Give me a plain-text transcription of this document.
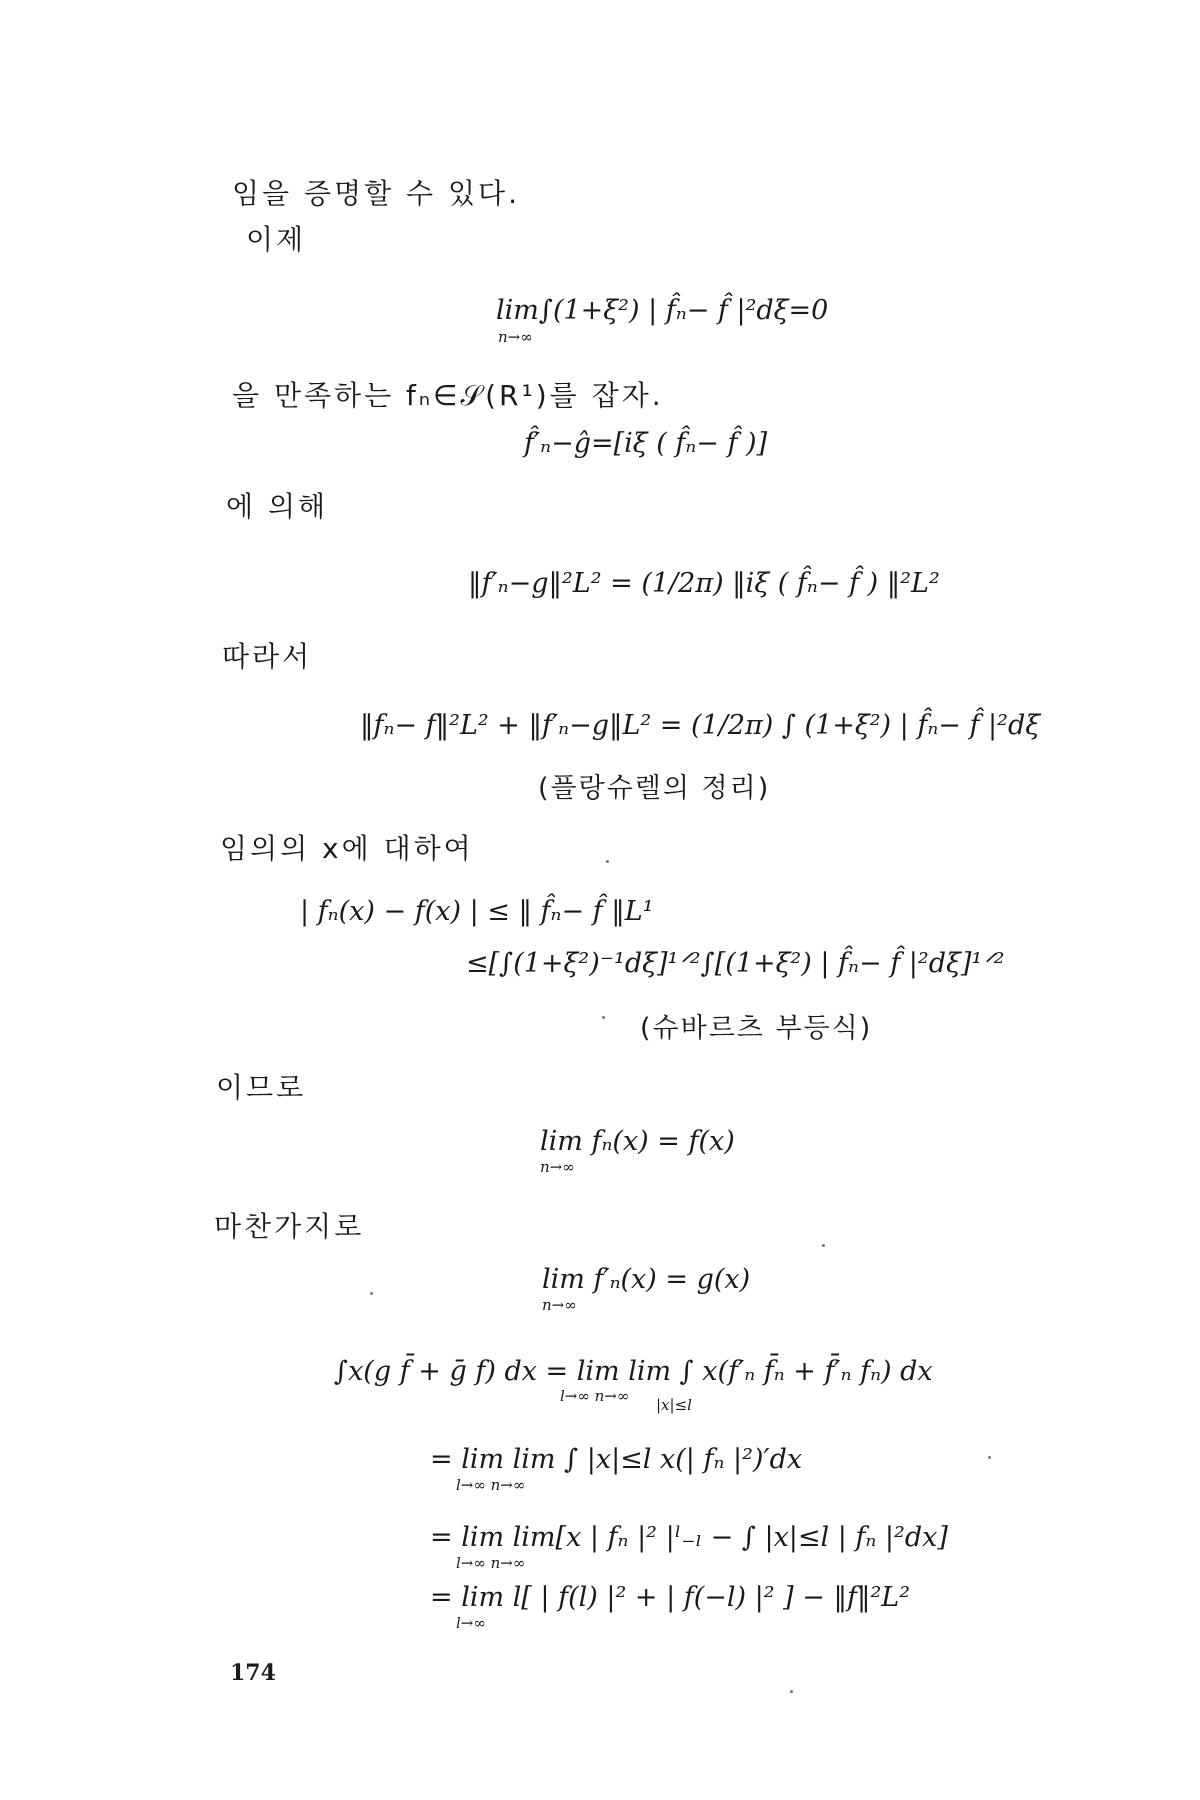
임을 증명할 수 있다.
이제
lim∫(1+ξ²) | f̂ₙ− f̂ |²dξ=0
n→∞
을 만족하는 fₙ∈𝒮(R¹)를 잡자.
f̂′ₙ−ĝ=[iξ ( f̂ₙ− f̂ )]
에 의해
‖f′ₙ−g‖²L² = (1/2π) ‖iξ ( f̂ₙ− f̂ ) ‖²L²
따라서
‖fₙ− f‖²L² + ‖f′ₙ−g‖L² = (1/2π) ∫ (1+ξ²) | f̂ₙ− f̂ |²dξ
(플랑슈렐의 정리)
임의의 x에 대하여
| fₙ(x) − f(x) | ≤ ‖ f̂ₙ− f̂ ‖L¹
≤[∫(1+ξ²)⁻¹dξ]¹ᐟ²∫[(1+ξ²) | f̂ₙ− f̂ |²dξ]¹ᐟ²
(슈바르츠 부등식)
이므로
lim fₙ(x) = f(x)
n→∞
마찬가지로
lim f′ₙ(x) = g(x)
n→∞
∫x(g f̄ + ḡ f) dx = lim lim ∫ x(f′ₙ f̄ₙ + f̄′ₙ fₙ) dx
l→∞ n→∞ |x|≤l
= lim lim ∫ |x|≤l x(| fₙ |²)′dx
l→∞ n→∞
= lim lim[x | fₙ |² |ˡ₋ₗ − ∫ |x|≤l | fₙ |²dx]
l→∞ n→∞
= lim l[ | f(l) |² + | f(−l) |² ] − ‖f‖²L²
l→∞
174
